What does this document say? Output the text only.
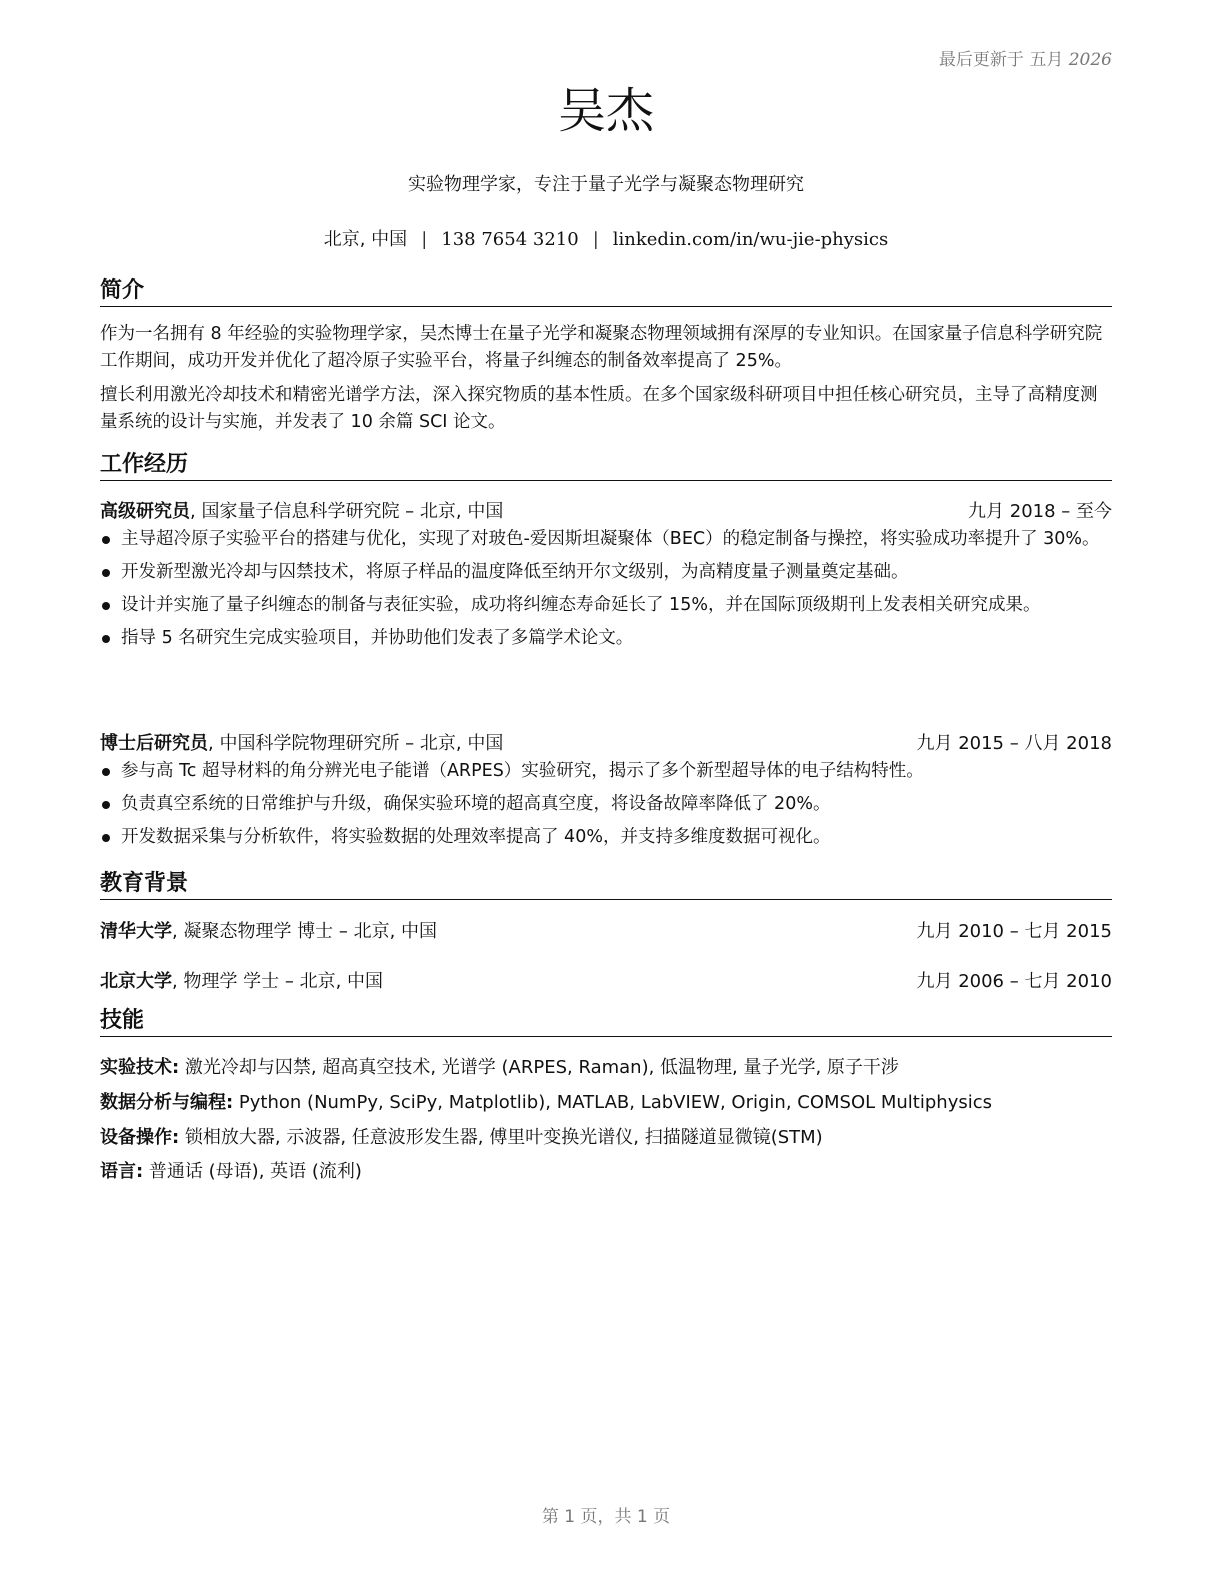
最后更新于 五月 2026
吴杰
实验物理学家，专注于量子光学与凝聚态物理研究
北京, 中国 | 138 7654 3210 | linkedin.com/in/wu-jie-physics
简介
作为一名拥有 8 年经验的实验物理学家，吴杰博士在量子光学和凝聚态物理领域拥有深厚的专业知识。在国家量子信息科学研究院工作期间，成功开发并优化了超冷原子实验平台，将量子纠缠态的制备效率提高了 25%。
擅长利用激光冷却技术和精密光谱学方法，深入探究物质的基本性质。在多个国家级科研项目中担任核心研究员，主导了高精度测量系统的设计与实施，并发表了 10 余篇 SCI 论文。
工作经历
高级研究员, 国家量子信息科学研究院 – 北京, 中国	九月 2018 – 至今
主导超冷原子实验平台的搭建与优化，实现了对玻色-爱因斯坦凝聚体（BEC）的稳定制备与操控，将实验成功率提升了 30%。
开发新型激光冷却与囚禁技术，将原子样品的温度降低至纳开尔文级别，为高精度量子测量奠定基础。
设计并实施了量子纠缠态的制备与表征实验，成功将纠缠态寿命延长了 15%，并在国际顶级期刊上发表相关研究成果。
指导 5 名研究生完成实验项目，并协助他们发表了多篇学术论文。
博士后研究员, 中国科学院物理研究所 – 北京, 中国	九月 2015 – 八月 2018
参与高 Tc 超导材料的角分辨光电子能谱（ARPES）实验研究，揭示了多个新型超导体的电子结构特性。
负责真空系统的日常维护与升级，确保实验环境的超高真空度，将设备故障率降低了 20%。
开发数据采集与分析软件，将实验数据的处理效率提高了 40%，并支持多维度数据可视化。
教育背景
清华大学, 凝聚态物理学 博士 – 北京, 中国	九月 2010 – 七月 2015
北京大学, 物理学 学士 – 北京, 中国	九月 2006 – 七月 2010
技能
实验技术: 激光冷却与囚禁, 超高真空技术, 光谱学 (ARPES, Raman), 低温物理, 量子光学, 原子干涉
数据分析与编程: Python (NumPy, SciPy, Matplotlib), MATLAB, LabVIEW, Origin, COMSOL Multiphysics
设备操作: 锁相放大器, 示波器, 任意波形发生器, 傅里叶变换光谱仪, 扫描隧道显微镜(STM)
语言: 普通话 (母语), 英语 (流利)
第 1 页，共 1 页
